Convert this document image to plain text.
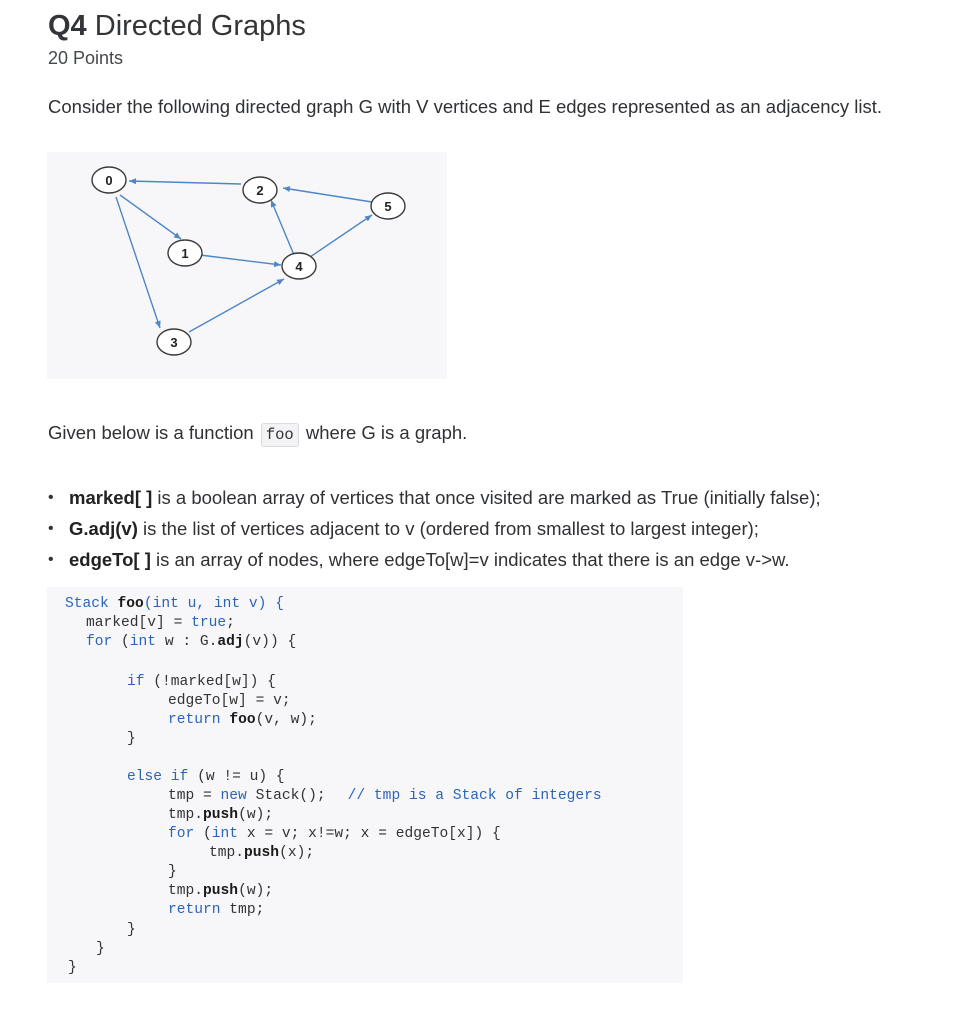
Q4 Directed Graphs
20 Points
Consider the following directed graph G with V vertices and E edges represented as an adjacency list.
0
1
2
3
4
5
Given below is a function foo where G is a graph.
• marked[ ] is a boolean array of vertices that once visited are marked as True (initially false);
• G.adj(v) is the list of vertices adjacent to v (ordered from smallest to largest integer);
• edgeTo[ ] is an array of nodes, where edgeTo[w]=v indicates that there is an edge v->w.
Stack foo(int u, int v) {
marked[v] = true;
for (int w : G.adj(v)) {
if (!marked[w]) {
edgeTo[w] = v;
return foo(v, w);
}
else if (w != u) {
tmp = new Stack(); // tmp is a Stack of integers
tmp.push(w);
for (int x = v; x!=w; x = edgeTo[x]) {
tmp.push(x);
}
tmp.push(w);
return tmp;
}
}
}
